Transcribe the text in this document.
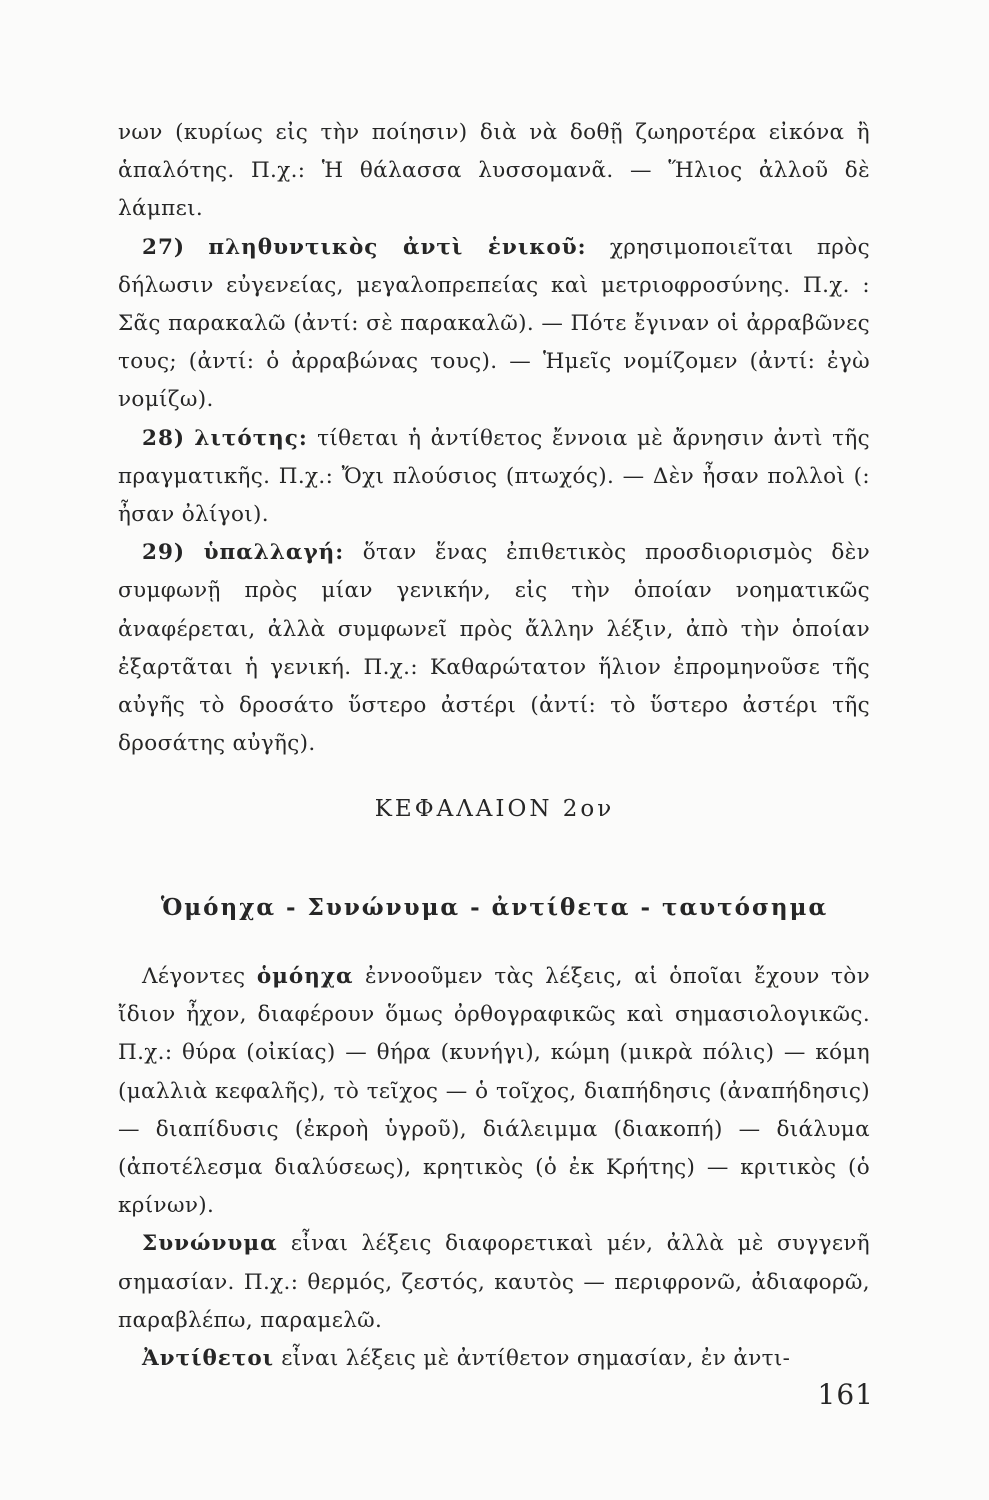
νων (κυρίως εἰς τὴν ποίησιν) διὰ νὰ δοθῇ ζωηροτέρα εἰκόνα ἢ ἁπαλότης. Π.χ.: Ἡ θάλασσα λυσσομανᾶ. — Ἥλιος ἀλλοῦ δὲ λάμπει.

27) πληθυντικὸς ἀντὶ ἑνικοῦ: χρησιμοποιεῖται πρὸς δήλωσιν εὐγενείας, μεγαλοπρεπείας καὶ μετριοφροσύνης. Π.χ. : Σᾶς παρακαλῶ (ἀντί: σὲ παρακαλῶ). — Πότε ἔγιναν οἱ ἀρραβῶνες τους; (ἀντί: ὁ ἀρραβώνας τους). — Ἡμεῖς νομίζομεν (ἀντί: ἐγὼ νομίζω).

28) λιτότης: τίθεται ἡ ἀντίθετος ἔννοια μὲ ἄρνησιν ἀντὶ τῆς πραγματικῆς. Π.χ.: Ὄχι πλούσιος (πτωχός). — Δὲν ἦσαν πολλοὶ (: ἦσαν ὀλίγοι).

29) ὑπαλλαγή: ὅταν ἕνας ἐπιθετικὸς προσδιορισμὸς δὲν συμφωνῇ πρὸς μίαν γενικήν, εἰς τὴν ὁποίαν νοηματικῶς ἀναφέρεται, ἀλλὰ συμφωνεῖ πρὸς ἄλλην λέξιν, ἀπὸ τὴν ὁποίαν ἐξαρτᾶται ἡ γενική. Π.χ.: Καθαρώτατον ἥλιον ἐπρομηνοῦσε τῆς αὐγῆς τὸ δροσάτο ὕστερο ἀστέρι (ἀντί: τὸ ὕστερο ἀστέρι τῆς δροσάτης αὐγῆς).

ΚΕΦΑΛΑΙΟΝ 2ον
Ὁμόηχα - Συνώνυμα - ἀντίθετα - ταυτόσημα

Λέγοντες ὁμόηχα ἐννοοῦμεν τὰς λέξεις, αἱ ὁποῖαι ἔχουν τὸν ἴδιον ἦχον, διαφέρουν ὅμως ὀρθογραφικῶς καὶ σημασιολογικῶς. Π.χ.: θύρα (οἰκίας) — θήρα (κυνήγι), κώμη (μικρὰ πόλις) — κόμη (μαλλιὰ κεφαλῆς), τὸ τεῖχος — ὁ τοῖχος, διαπήδησις (ἀναπήδησις) — διαπίδυσις (ἐκροὴ ὑγροῦ), διάλειμμα (διακοπή) — διάλυμα (ἀποτέλεσμα διαλύσεως), κρητικὸς (ὁ ἐκ Κρήτης) — κριτικὸς (ὁ κρίνων).

Συνώνυμα εἶναι λέξεις διαφορετικαὶ μέν, ἀλλὰ μὲ συγγενῆ σημασίαν. Π.χ.: θερμός, ζεστός, καυτὸς — περιφρονῶ, ἀδιαφορῶ, παραβλέπω, παραμελῶ.

Ἀντίθετοι εἶναι λέξεις μὲ ἀντίθετον σημασίαν, ἐν ἀντι-

161
